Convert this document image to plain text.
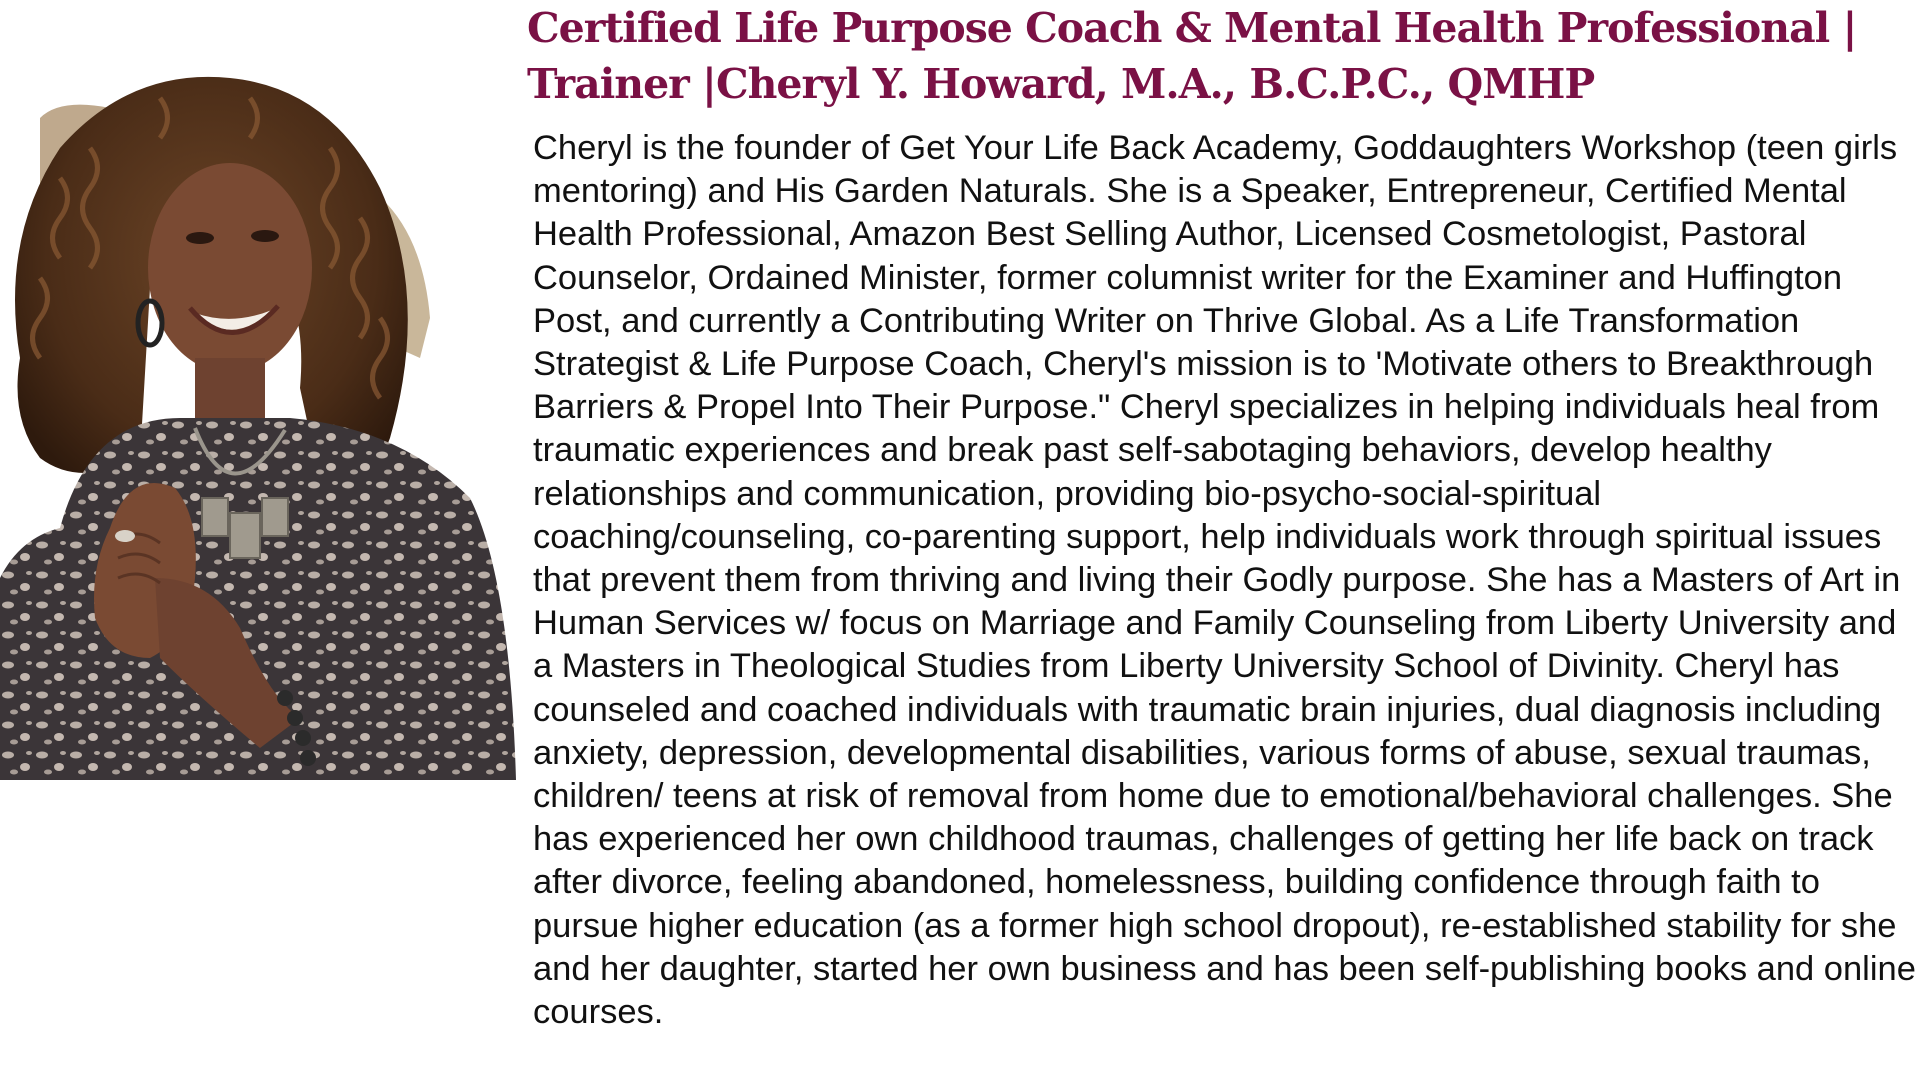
Certified Life Purpose Coach & Mental Health Professional |
Trainer |Cheryl Y. Howard, M.A., B.C.P.C., QMHP

Cheryl is the founder of Get Your Life Back Academy, Goddaughters Workshop (teen girls mentoring) and His Garden Naturals. She is a Speaker, Entrepreneur, Certified Mental Health Professional, Amazon Best Selling Author, Licensed Cosmetologist, Pastoral Counselor, Ordained Minister, former columnist writer for the Examiner and Huffington Post, and currently a Contributing Writer on Thrive Global. As a Life Transformation Strategist & Life Purpose Coach, Cheryl's mission is to 'Motivate others to Breakthrough Barriers & Propel Into Their Purpose." Cheryl specializes in helping individuals heal from traumatic experiences and break past self-sabotaging behaviors, develop healthy relationships and communication, providing bio-psycho-social-spiritual coaching/counseling, co-parenting support, help individuals work through spiritual issues that prevent them from thriving and living their Godly purpose. She has a Masters of Art in Human Services w/ focus on Marriage and Family Counseling from Liberty University and a Masters in Theological Studies from Liberty University School of Divinity. Cheryl has counseled and coached individuals with traumatic brain injuries, dual diagnosis including anxiety, depression, developmental disabilities, various forms of abuse, sexual traumas, children/ teens at risk of removal from home due to emotional/behavioral challenges. She has experienced her own childhood traumas, challenges of getting her life back on track after divorce, feeling abandoned, homelessness, building confidence through faith to pursue higher education (as a former high school dropout), re-established stability for she and her daughter, started her own business and has been self-publishing books and online courses.
